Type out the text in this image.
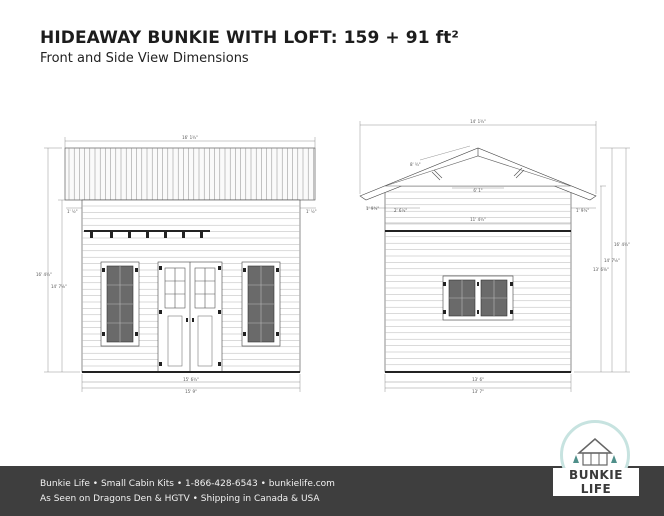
HIDEAWAY BUNKIE WITH LOFT: 159 + 91 ft²
Front and Side View Dimensions
16' 1¾"
1' ½"	1' ½"
16' 4¾"
14' 7⅛"
15' 6¾"
15' 9"
14' 1¾"
8' ¾"
6' 1"
1' 9¾"	2' 6½"
11' 4¾"
1' 9¾"
16' 4¾"
14' 7⅛"
13' 6⅜"
13' 6"
13' 7"
Bunkie Life • Small Cabin Kits • 1-866-428-6543 • bunkielife.com
As Seen on Dragons Den & HGTV • Shipping in Canada & USA
BUNKIE LIFE
